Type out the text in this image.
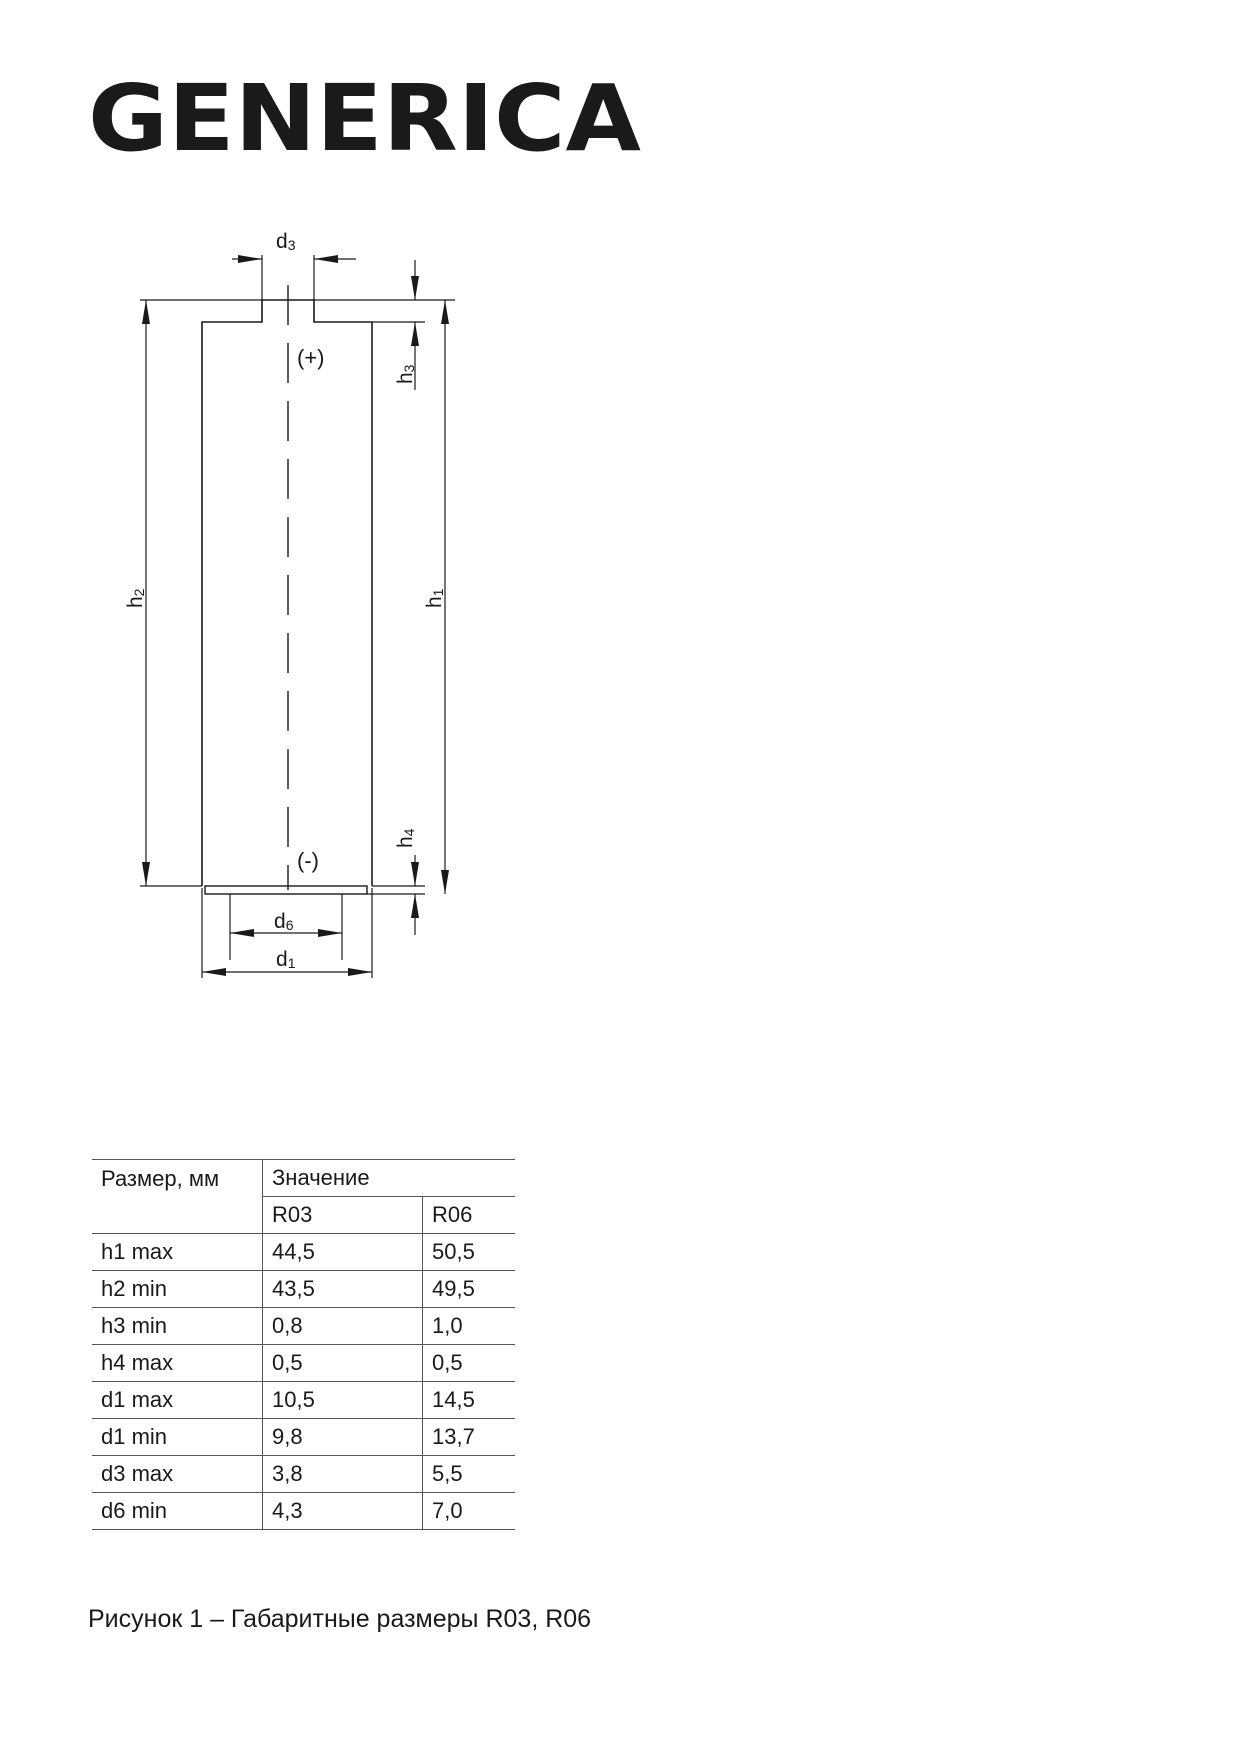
GENERICA
d3
h3
h2
h1
h4
d6
d1
(+)
(-)
Размер, мм	Значение	
	R03	R06
h1 max	44,5	50,5
h2 min	43,5	49,5
h3 min	0,8	1,0
h4 max	0,5	0,5
d1 max	10,5	14,5
d1 min	9,8	13,7
d3 max	3,8	5,5
d6 min	4,3	7,0
Рисунок 1 – Габаритные размеры R03, R06
